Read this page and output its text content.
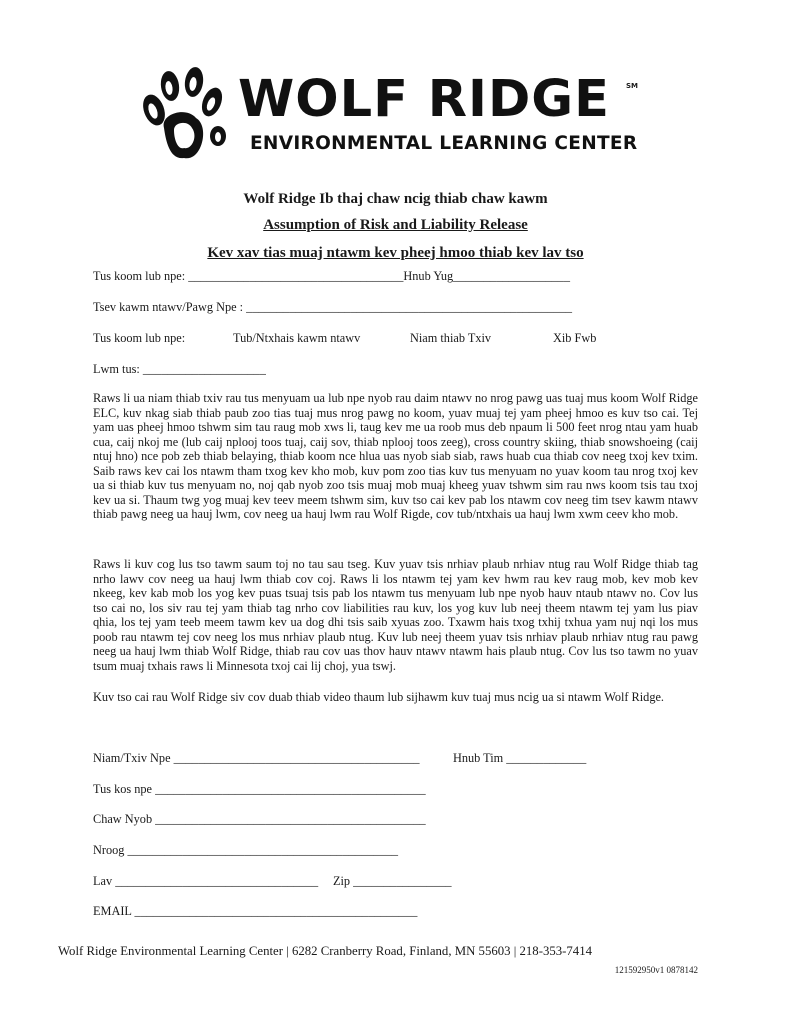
WOLF RIDGE
ENVIRONMENTAL LEARNING CENTER
SM
Wolf Ridge Ib thaj chaw ncig thiab chaw kawm
Assumption of Risk and Liability Release
Kev xav tias muaj ntawm kev pheej hmoo thiab kev lav tso
Tus koom lub npe: ___________________________________Hnub Yug___________________
Tsev kawm ntawv/Pawg Npe : _____________________________________________________
Tus koom lub npe:	Tub/Ntxhais kawm ntawv	Niam thiab Txiv	Xib Fwb
Lwm tus: ____________________

Raws li ua niam thiab txiv rau tus menyuam ua lub npe nyob rau daim ntawv no nrog pawg uas tuaj mus koom Wolf Ridge ELC, kuv nkag siab thiab paub zoo tias tuaj mus nrog pawg no koom, yuav muaj tej yam pheej hmoo es kuv tso cai. Tej yam uas pheej hmoo tshwm sim tau raug mob xws li, taug kev me ua roob mus deb npaum li 500 feet nrog ntau yam huab cua, caij nkoj me (lub caij nplooj toos tuaj, caij sov, thiab nplooj toos zeeg), cross country skiing, thiab snowshoeing (caij ntuj hno) nce pob zeb thiab belaying, thiab koom nce hlua uas nyob siab siab, raws huab cua thiab cov neeg txoj kev txim. Saib raws kev cai los ntawm tham txog kev kho mob, kuv pom zoo tias kuv tus menyuam no yuav koom tau nrog txoj kev ua si thiab kuv tus menyuam no, noj qab nyob zoo tsis muaj mob muaj kheeg yuav tshwm sim rau nws koom tsis tau txoj kev ua si. Thaum twg yog muaj kev teev meem tshwm sim, kuv tso cai kev pab los ntawm cov neeg tim tsev kawm ntawv thiab pawg neeg ua hauj lwm, cov neeg ua hauj lwm rau Wolf Rigde, cov tub/ntxhais ua hauj lwm xwm ceev kho mob.

Raws li kuv cog lus tso tawm saum toj no tau sau tseg. Kuv yuav tsis nrhiav plaub nrhiav ntug rau Wolf Ridge thiab tag nrho lawv cov neeg ua hauj lwm thiab cov coj. Raws li los ntawm tej yam kev hwm rau kev raug mob, kev mob kev nkeeg, kev kab mob los yog kev puas tsuaj tsis pab los ntawm tus menyuam lub npe nyob hauv ntaub ntawv no. Cov lus tso cai no, los siv rau tej yam thiab tag nrho cov liabilities rau kuv, los yog kuv lub neej theem ntawm tej yam lus piav qhia, los tej yam teeb meem tawm kev ua dog dhi tsis saib xyuas zoo. Txawm hais txog txhij txhua yam nuj nqi los mus poob rau ntawm tej cov neeg los mus nrhiav plaub ntug. Kuv lub neej theem yuav tsis nrhiav plaub nrhiav ntug rau pawg neeg ua hauj lwm thiab Wolf Ridge, thiab rau cov uas thov hauv ntawv ntawm hais plaub ntug. Cov lus tso tawm no yuav tsum muaj txhais raws li Minnesota txoj cai lij choj, yua tswj.

Kuv tso cai rau Wolf Ridge siv cov duab thiab video thaum lub sijhawm kuv tuaj mus ncig ua si ntawm Wolf Ridge.

Niam/Txiv Npe ________________________________________	Hnub Tim _____________
Tus kos npe ____________________________________________
Chaw Nyob ____________________________________________
Nroog ____________________________________________
Lav _________________________________ Zip ________________
EMAIL ______________________________________________
Wolf Ridge Environmental Learning Center | 6282 Cranberry Road, Finland, MN 55603 | 218-353-7414
121592950v1 0878142
